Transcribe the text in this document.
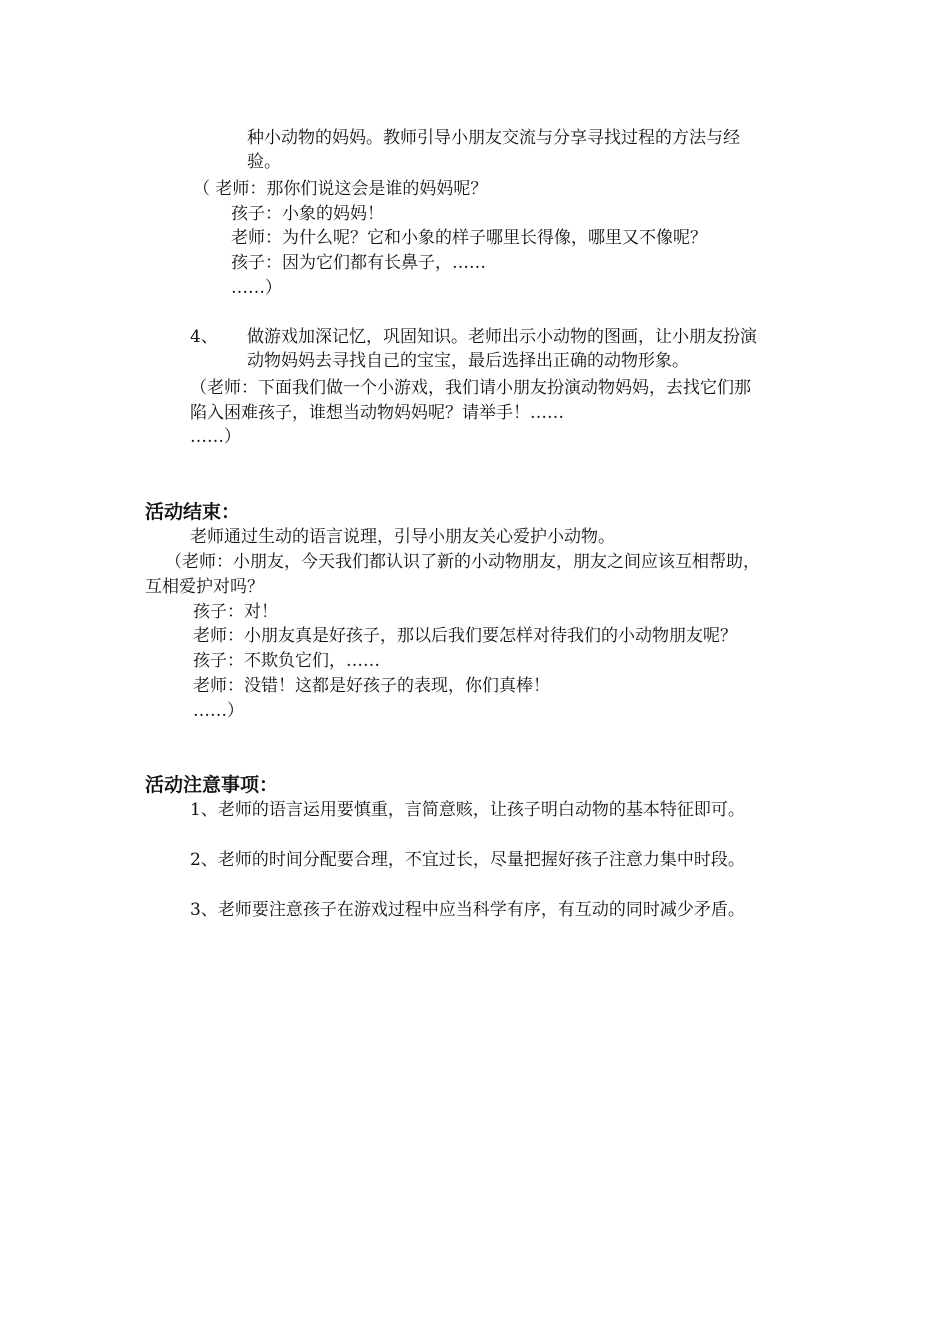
种小动物的妈妈。教师引导小朋友交流与分享寻找过程的方法与经
验。
（ 老师：那你们说这会是谁的妈妈呢？
孩子：小象的妈妈！
老师：为什么呢？它和小象的样子哪里长得像，哪里又不像呢？
孩子：因为它们都有长鼻子，……
……）
4、 做游戏加深记忆，巩固知识。老师出示小动物的图画，让小朋友扮演
动物妈妈去寻找自己的宝宝，最后选择出正确的动物形象。
（老师：下面我们做一个小游戏，我们请小朋友扮演动物妈妈，去找它们那
陷入困难孩子，谁想当动物妈妈呢？请举手！……
……）
活动结束：
老师通过生动的语言说理，引导小朋友关心爱护小动物。
（老师：小朋友，今天我们都认识了新的小动物朋友，朋友之间应该互相帮助，
互相爱护对吗？
孩子：对！
老师：小朋友真是好孩子，那以后我们要怎样对待我们的小动物朋友呢？
孩子：不欺负它们，……
老师：没错！这都是好孩子的表现，你们真棒！
……）
活动注意事项：
1、老师的语言运用要慎重，言简意赅，让孩子明白动物的基本特征即可。
2、老师的时间分配要合理，不宜过长，尽量把握好孩子注意力集中时段。
3、老师要注意孩子在游戏过程中应当科学有序，有互动的同时减少矛盾。
